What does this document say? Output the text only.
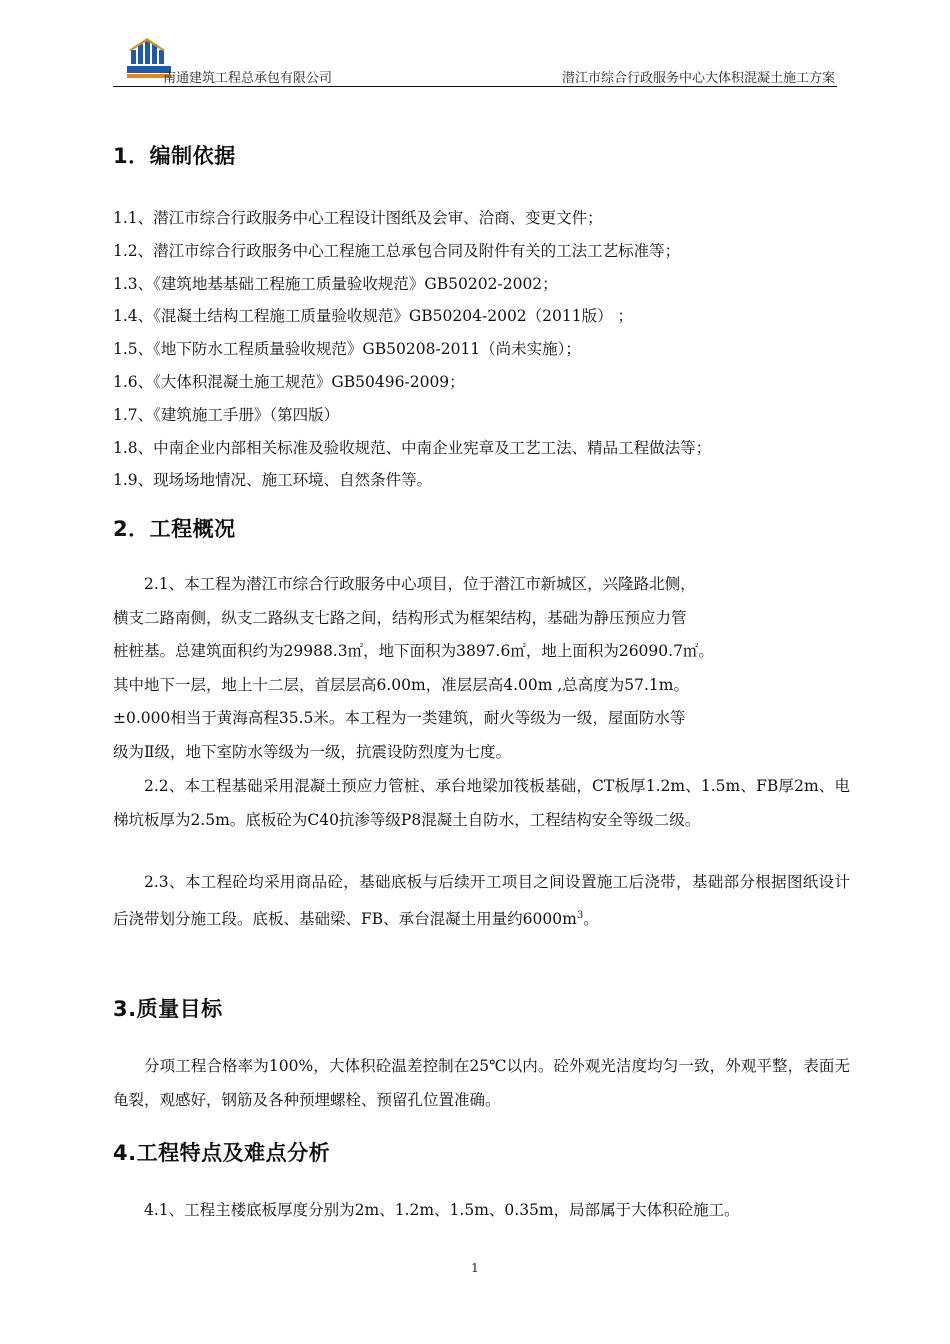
南通建筑工程总承包有限公司	潜江市综合行政服务中心大体积混凝土施工方案
1．编制依据
1.1、潜江市综合行政服务中心工程设计图纸及会审、洽商、变更文件；
1.2、潜江市综合行政服务中心工程施工总承包合同及附件有关的工法工艺标准等；
1.3、《建筑地基基础工程施工质量验收规范》GB50202-2002；
1.4、《混凝土结构工程施工质量验收规范》GB50204-2002（2011版） ；
1.5、《地下防水工程质量验收规范》GB50208-2011（尚未实施）；
1.6、《大体积混凝土施工规范》GB50496-2009；
1.7、《建筑施工手册》（第四版）
1.8、中南企业内部相关标准及验收规范、中南企业宪章及工艺工法、精品工程做法等；
1.9、现场场地情况、施工环境、自然条件等。
2．工程概况
2.1、本工程为潜江市综合行政服务中心项目，位于潜江市新城区，兴隆路北侧，
横支二路南侧，纵支二路纵支七路之间，结构形式为框架结构，基础为静压预应力管
桩桩基。总建筑面积约为29988.3㎡，地下面积为3897.6㎡，地上面积为26090.7㎡。
其中地下一层，地上十二层，首层层高6.00m，准层层高4.00m ,总高度为57.1m。
±0.000相当于黄海高程35.5米。本工程为一类建筑，耐火等级为一级，屋面防水等
级为Ⅱ级，地下室防水等级为一级，抗震设防烈度为七度。
2.2、本工程基础采用混凝土预应力管桩、承台地梁加筏板基础，CT板厚1.2m、1.5m、FB厚2m、电梯坑板厚为2.5m。底板砼为C40抗渗等级P8混凝土自防水，工程结构安全等级二级。
2.3、本工程砼均采用商品砼，基础底板与后续开工项目之间设置施工后浇带，基础部分根据图纸设计后浇带划分施工段。底板、基础梁、FB、承台混凝土用量约$6000m^3$。
3.质量目标
分项工程合格率为100%，大体积砼温差控制在25℃以内。砼外观光洁度均匀一致，外观平整，表面无龟裂，观感好，钢筋及各种预埋螺栓、预留孔位置准确。
4.工程特点及难点分析
4.1、工程主楼底板厚度分别为2m、1.2m、1.5m、0.35m，局部属于大体积砼施工。
1
